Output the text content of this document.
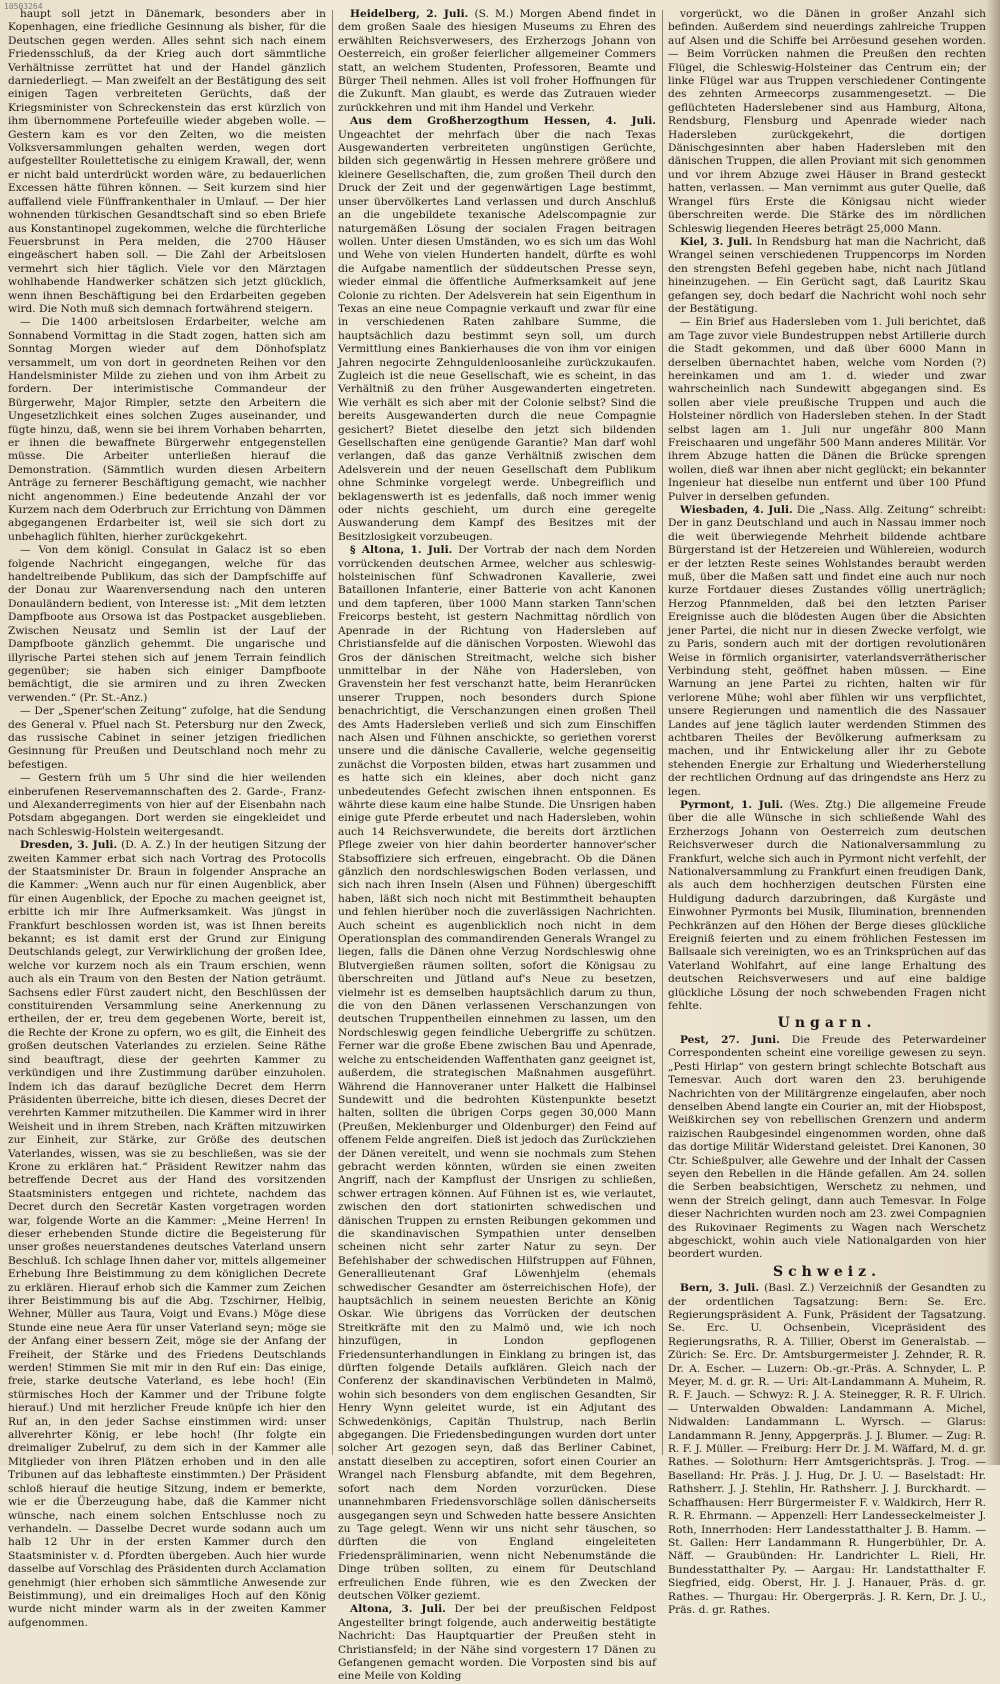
10503264

haupt soll jetzt in Dänemark, besonders aber in Kopenhagen, eine friedliche Gesinnung als bisher, für die Deutschen gegen werden. Alles sehnt sich nach einem Friedensschluß, da der Krieg auch dort sämmtliche Verhältnisse zerrüttet hat und der Handel gänzlich darniederliegt. — Man zweifelt an der Bestätigung des seit einigen Tagen verbreiteten Gerüchts, daß der Kriegsminister von Schreckenstein das erst kürzlich von ihm übernommene Portefeuille wieder abgeben wolle. — Gestern kam es vor den Zelten, wo die meisten Volksversammlungen gehalten werden, wegen dort aufgestellter Roulettetische zu einigem Krawall, der, wenn er nicht bald unterdrückt worden wäre, zu bedauerlichen Excessen hätte führen können. — Seit kurzem sind hier auffallend viele Fünffrankenthaler in Umlauf. — Der hier wohnenden türkischen Gesandtschaft sind so eben Briefe aus Konstantinopel zugekommen, welche die fürchterliche Feuersbrunst in Pera melden, die 2700 Häuser eingeäschert haben soll. — Die Zahl der Arbeitslosen vermehrt sich hier täglich. Viele vor den Märztagen wohlhabende Handwerker schätzen sich jetzt glücklich, wenn ihnen Beschäftigung bei den Erdarbeiten gegeben wird. Die Noth muß sich demnach fortwährend steigern.

— Die 1400 arbeitslosen Erdarbeiter, welche am Sonnabend Vormittag in die Stadt zogen, hatten sich am Sonntag Morgen wieder auf dem Dönhofsplatz versammelt, um von dort in geordneten Reihen vor den Handelsminister Milde zu ziehen und von ihm Arbeit zu fordern. Der interimistische Commandeur der Bürgerwehr, Major Rimpler, setzte den Arbeitern die Ungesetzlichkeit eines solchen Zuges auseinander, und fügte hinzu, daß, wenn sie bei ihrem Vorhaben beharrten, er ihnen die bewaffnete Bürgerwehr entgegenstellen müsse. Die Arbeiter unterließen hierauf die Demonstration. (Sämmtlich wurden diesen Arbeitern Anträge zu fernerer Beschäftigung gemacht, wie nachher nicht angenommen.) Eine bedeutende Anzahl der vor Kurzem nach dem Oderbruch zur Errichtung von Dämmen abgegangenen Erdarbeiter ist, weil sie sich dort zu unbehaglich fühlten, hierher zurückgekehrt.

— Von dem königl. Consulat in Galacz ist so eben folgende Nachricht eingegangen, welche für das handeltreibende Publikum, das sich der Dampfschiffe auf der Donau zur Waarenversendung nach den unteren Donauländern bedient, von Interesse ist: „Mit dem letzten Dampfboote aus Orsowa ist das Postpacket ausgeblieben. Zwischen Neusatz und Semlin ist der Lauf der Dampfboote gänzlich gehemmt. Die ungarische und illyrische Partei stehen sich auf jenem Terrain feindlich gegenüber; sie haben sich einiger Dampfboote bemächtigt, die sie armiren und zu ihren Zwecken verwenden.“ (Pr. St.-Anz.)

— Der „Spener'schen Zeitung“ zufolge, hat die Sendung des General v. Pfuel nach St. Petersburg nur den Zweck, das russische Cabinet in seiner jetzigen friedlichen Gesinnung für Preußen und Deutschland noch mehr zu befestigen.

— Gestern früh um 5 Uhr sind die hier weilenden einberufenen Reservemannschaften des 2. Garde-, Franz- und Alexanderregiments von hier auf der Eisenbahn nach Potsdam abgegangen. Dort werden sie eingekleidet und nach Schleswig-Holstein weitergesandt.

Dresden, 3. Juli. (D. A. Z.) In der heutigen Sitzung der zweiten Kammer erbat sich nach Vortrag des Protocolls der Staatsminister Dr. Braun in folgender Ansprache an die Kammer: „Wenn auch nur für einen Augenblick, aber für einen Augenblick, der Epoche zu machen geeignet ist, erbitte ich mir Ihre Aufmerksamkeit. Was jüngst in Frankfurt beschlossen worden ist, was ist Ihnen bereits bekannt; es ist damit erst der Grund zur Einigung Deutschlands gelegt, zur Verwirklichung der großen Idee, welche vor kurzem noch als ein Traum erschien, wenn auch als ein Traum von den Besten der Nation geträumt. Sachsens edler Fürst zaudert nicht, den Beschlüssen der constituirenden Versammlung seine Anerkennung zu ertheilen, der er, treu dem gegebenen Worte, bereit ist, die Rechte der Krone zu opfern, wo es gilt, die Einheit des großen deutschen Vaterlandes zu erzielen. Seine Räthe sind beauftragt, diese der geehrten Kammer zu verkündigen und ihre Zustimmung darüber einzuholen. Indem ich das darauf bezügliche Decret dem Herrn Präsidenten überreiche, bitte ich diesen, dieses Decret der verehrten Kammer mitzutheilen. Die Kammer wird in ihrer Weisheit und in ihrem Streben, nach Kräften mitzuwirken zur Einheit, zur Stärke, zur Größe des deutschen Vaterlandes, wissen, was sie zu beschließen, was sie der Krone zu erklären hat.“ Präsident Rewitzer nahm das betreffende Decret aus der Hand des vorsitzenden Staatsministers entgegen und richtete, nachdem das Decret durch den Secretär Kasten vorgetragen worden war, folgende Worte an die Kammer: „Meine Herren! In dieser erhebenden Stunde dictire die Begeisterung für unser großes neuerstandenes deutsches Vaterland unsern Beschluß. Ich schlage Ihnen daher vor, mittels allgemeiner Erhebung Ihre Beistimmung zu dem königlichen Decrete zu erklären. Hierauf erhob sich die Kammer zum Zeichen ihrer Beistimmung bis auf die Abg. Tzschirner, Helbig, Wehner, Müller aus Taura, Voigt und Evans.) Möge diese Stunde eine neue Aera für unser Vaterland seyn; möge sie der Anfang einer bessern Zeit, möge sie der Anfang der Freiheit, der Stärke und des Friedens Deutschlands werden! Stimmen Sie mit mir in den Ruf ein: Das einige, freie, starke deutsche Vaterland, es lebe hoch! (Ein stürmisches Hoch der Kammer und der Tribune folgte hierauf.) Und mit herzlicher Freude knüpfe ich hier den Ruf an, in den jeder Sachse einstimmen wird: unser allverehrter König, er lebe hoch! (Ihr folgte ein dreimaliger Zubelruf, zu dem sich in der Kammer alle Mitglieder von ihren Plätzen erhoben und in den alle Tribunen auf das lebhafteste einstimmten.) Der Präsident schloß hierauf die heutige Sitzung, indem er bemerkte, wie er die Überzeugung habe, daß die Kammer nicht wünsche, nach einem solchen Entschlusse noch zu verhandeln. — Dasselbe Decret wurde sodann auch um halb 12 Uhr in der ersten Kammer durch den Staatsminister v. d. Pfordten übergeben. Auch hier wurde dasselbe auf Vorschlag des Präsidenten durch Acclamation genehmigt (hier erhoben sich sämmtliche Anwesende zur Beistimmung), und ein dreimaliges Hoch auf den König wurde nicht minder warm als in der zweiten Kammer aufgenommen.

Heidelberg, 2. Juli. (S. M.) Morgen Abend findet in dem großen Saale des hiesigen Museums zu Ehren des erwählten Reichsverwesers, des Erzherzogs Johann von Oesterreich, ein großer feierlicher allgemeiner Commers statt, an welchem Studenten, Professoren, Beamte und Bürger Theil nehmen. Alles ist voll froher Hoffnungen für die Zukunft. Man glaubt, es werde das Zutrauen wieder zurückkehren und mit ihm Handel und Verkehr.

Aus dem Großherzogthum Hessen, 4. Juli. Ungeachtet der mehrfach über die nach Texas Ausgewanderten verbreiteten ungünstigen Gerüchte, bilden sich gegenwärtig in Hessen mehrere größere und kleinere Gesellschaften, die, zum großen Theil durch den Druck der Zeit und der gegenwärtigen Lage bestimmt, unser übervölkertes Land verlassen und durch Anschluß an die ungebildete texanische Adelscompagnie zur naturgemäßen Lösung der socialen Fragen beitragen wollen. Unter diesen Umständen, wo es sich um das Wohl und Wehe von vielen Hunderten handelt, dürfte es wohl die Aufgabe namentlich der süddeutschen Presse seyn, wieder einmal die öffentliche Aufmerksamkeit auf jene Colonie zu richten. Der Adelsverein hat sein Eigenthum in Texas an eine neue Compagnie verkauft und zwar für eine in verschiedenen Raten zahlbare Summe, die hauptsächlich dazu bestimmt seyn soll, um durch Vermittlung eines Bankierhauses die von ihm vor einigen Jahren negocirte Zehnguldenloosanleihe zurückzukaufen. Zugleich ist die neue Gesellschaft, wie es scheint, in das Verhältniß zu den früher Ausgewanderten eingetreten. Wie verhält es sich aber mit der Colonie selbst? Sind die bereits Ausgewanderten durch die neue Compagnie gesichert? Bietet dieselbe den jetzt sich bildenden Gesellschaften eine genügende Garantie? Man darf wohl verlangen, daß das ganze Verhältniß zwischen dem Adelsverein und der neuen Gesellschaft dem Publikum ohne Schminke vorgelegt werde. Unbegreiflich und beklagenswerth ist es jedenfalls, daß noch immer wenig oder nichts geschieht, um durch eine geregelte Auswanderung dem Kampf des Besitzes mit der Besitzlosigkeit vorzubeugen.

§ Altona, 1. Juli. Der Vortrab der nach dem Norden vorrückenden deutschen Armee, welcher aus schleswig-holsteinischen fünf Schwadronen Kavallerie, zwei Bataillonen Infanterie, einer Batterie von acht Kanonen und dem tapferen, über 1000 Mann starken Tann'schen Freicorps besteht, ist gestern Nachmittag nördlich von Apenrade in der Richtung von Hadersleben auf Christiansfelde auf die dänischen Vorposten. Wiewohl das Gros der dänischen Streitmacht, welche sich bisher unmittelbar in der Nähe von Hadersleben, von Gravenstein her fest verschanzt hatte, beim Heranrücken unserer Truppen, noch besonders durch Spione benachrichtigt, die Verschanzungen einen großen Theil des Amts Hadersleben verließ und sich zum Einschiffen nach Alsen und Fühnen anschickte, so geriethen vorerst unsere und die dänische Cavallerie, welche gegenseitig zunächst die Vorposten bilden, etwas hart zusammen und es hatte sich ein kleines, aber doch nicht ganz unbedeutendes Gefecht zwischen ihnen entsponnen. Es währte diese kaum eine halbe Stunde. Die Unsrigen haben einige gute Pferde erbeutet und nach Hadersleben, wohin auch 14 Reichsverwundete, die bereits dort ärztlichen Pflege zweier von hier dahin beorderter hannover'scher Stabsoffiziere sich erfreuen, eingebracht. Ob die Dänen gänzlich den nordschleswigschen Boden verlassen, und sich nach ihren Inseln (Alsen und Fühnen) übergeschifft haben, läßt sich noch nicht mit Bestimmtheit behaupten und fehlen hierüber noch die zuverlässigen Nachrichten. Auch scheint es augenblicklich noch nicht in dem Operationsplan des commandirenden Generals Wrangel zu liegen, falls die Dänen ohne Verzug Nordschleswig ohne Blutvergießen räumen sollten, sofort die Königsau zu überschreiten und Jütland auf's Neue zu besetzen, vielmehr ist es demselben hauptsächlich darum zu thun, die von den Dänen verlassenen Verschanzungen von deutschen Truppentheilen einnehmen zu lassen, um den Nordschleswig gegen feindliche Uebergriffe zu schützen. Ferner war die große Ebene zwischen Bau und Apenrade, welche zu entscheidenden Waffenthaten ganz geeignet ist, außerdem, die strategischen Maßnahmen ausgeführt. Während die Hannoveraner unter Halkett die Halbinsel Sundewitt und die bedrohten Küstenpunkte besetzt halten, sollten die übrigen Corps gegen 30,000 Mann (Preußen, Meklenburger und Oldenburger) den Feind auf offenem Felde angreifen. Dieß ist jedoch das Zurückziehen der Dänen vereitelt, und wenn sie nochmals zum Stehen gebracht werden könnten, würden sie einen zweiten Angriff, nach der Kampflust der Unsrigen zu schließen, schwer ertragen können. Auf Fühnen ist es, wie verlautet, zwischen den dort stationirten schwedischen und dänischen Truppen zu ernsten Reibungen gekommen und die skandinavischen Sympathien unter denselben scheinen nicht sehr zarter Natur zu seyn. Der Befehlshaber der schwedischen Hilfstruppen auf Fühnen, Generallieutenant Graf Löwenhjelm (ehemals schwedischer Gesandter am österreichischen Hofe), der hauptsächlich in seinem neuesten Berichte an König Oskar. Wie übrigens das Vorrücken der deutschen Streitkräfte mit den zu Malmö und, wie ich noch hinzufügen, in London gepflogenen Friedensunterhandlungen in Einklang zu bringen ist, das dürften folgende Details aufklären. Gleich nach der Conferenz der skandinavischen Verbündeten in Malmö, wohin sich besonders von dem englischen Gesandten, Sir Henry Wynn geleitet wurde, ist ein Adjutant des Schwedenkönigs, Capitän Thulstrup, nach Berlin abgegangen. Die Friedensbedingungen wurden dort unter solcher Art gezogen seyn, daß das Berliner Cabinet, anstatt dieselben zu acceptiren, sofort einen Courier an Wrangel nach Flensburg abfandte, mit dem Begehren, sofort nach dem Norden vorzurücken. Diese unannehmbaren Friedensvorschläge sollen dänischerseits ausgegangen seyn und Schweden hatte bessere Ansichten zu Tage gelegt. Wenn wir uns nicht sehr täuschen, so dürften die von England eingeleiteten Friedenspräliminarien, wenn nicht Nebenumstände die Dinge trüben sollten, zu einem für Deutschland erfreulichen Ende führen, wie es den Zwecken der deutschen Völker geziemt.

Altona, 3. Juli. Der bei der preußischen Feldpost Angestellter bringt folgende, auch anderweitig bestätigte Nachricht: Das Hauptquartier der Preußen steht in Christiansfeld; in der Nähe sind vorgestern 17 Dänen zu Gefangenen gemacht worden. Die Vorposten sind bis auf eine Meile von Kolding

vorgerückt, wo die Dänen in großer Anzahl sich befinden. Außerdem sind neuerdings zahlreiche Truppen auf Alsen und die Schiffe bei Arröesund gesehen worden. — Beim Vorrücken nahmen die Preußen den rechten Flügel, die Schleswig-Holsteiner das Centrum ein; der linke Flügel war aus Truppen verschiedener Contingente des zehnten Armeecorps zusammengesetzt. — Die geflüchteten Haderslebener sind aus Hamburg, Altona, Rendsburg, Flensburg und Apenrade wieder nach Hadersleben zurückgekehrt, die dortigen Dänischgesinnten aber haben Hadersleben mit den dänischen Truppen, die allen Proviant mit sich genommen und vor ihrem Abzuge zwei Häuser in Brand gesteckt hatten, verlassen. — Man vernimmt aus guter Quelle, daß Wrangel fürs Erste die Königsau nicht wieder überschreiten werde. Die Stärke des im nördlichen Schleswig liegenden Heeres beträgt 25,000 Mann.

Kiel, 3. Juli. In Rendsburg hat man die Nachricht, daß Wrangel seinen verschiedenen Truppencorps im Norden den strengsten Befehl gegeben habe, nicht nach Jütland hineinzugehen. — Ein Gerücht sagt, daß Lauritz Skau gefangen sey, doch bedarf die Nachricht wohl noch sehr der Bestätigung.

— Ein Brief aus Hadersleben vom 1. Juli berichtet, daß am Tage zuvor viele Bundestruppen nebst Artillerie durch die Stadt gekommen, und daß über 6000 Mann in derselben übernachtet haben, welche vom Norden (?) hereinkamen und am 1. d. wieder und zwar wahrscheinlich nach Sundewitt abgegangen sind. Es sollen aber viele preußische Truppen und auch die Holsteiner nördlich von Hadersleben stehen. In der Stadt selbst lagen am 1. Juli nur ungefähr 800 Mann Freischaaren und ungefähr 500 Mann anderes Militär. Vor ihrem Abzuge hatten die Dänen die Brücke sprengen wollen, dieß war ihnen aber nicht geglückt; ein bekannter Ingenieur hat dieselbe nun entfernt und über 100 Pfund Pulver in derselben gefunden.

Wiesbaden, 4. Juli. Die „Nass. Allg. Zeitung“ schreibt: Der in ganz Deutschland und auch in Nassau immer noch die weit überwiegende Mehrheit bildende achtbare Bürgerstand ist der Hetzereien und Wühlereien, wodurch er der letzten Reste seines Wohlstandes beraubt werden muß, über die Maßen satt und findet eine auch nur noch kurze Fortdauer dieses Zustandes völlig unerträglich; Herzog Pfannmelden, daß bei den letzten Pariser Ereignisse auch die blödesten Augen über die Absichten jener Partei, die nicht nur in diesen Zwecke verfolgt, wie zu Paris, sondern auch mit der dortigen revolutionären Weise in förmlich organisirter, vaterlandsverrätherischer Verbindung steht, geöffnet haben müssen. — Eine Warnung an jene Partei zu richten, halten wir für verlorene Mühe; wohl aber fühlen wir uns verpflichtet, unsere Regierungen und namentlich die des Nassauer Landes auf jene täglich lauter werdenden Stimmen des achtbaren Theiles der Bevölkerung aufmerksam zu machen, und ihr Entwickelung aller ihr zu Gebote stehenden Energie zur Erhaltung und Wiederherstellung der rechtlichen Ordnung auf das dringendste ans Herz zu legen.

Pyrmont, 1. Juli. (Wes. Ztg.) Die allgemeine Freude über die alle Wünsche in sich schließende Wahl des Erzherzogs Johann von Oesterreich zum deutschen Reichsverweser durch die Nationalversammlung zu Frankfurt, welche sich auch in Pyrmont nicht verfehlt, der Nationalversammlung zu Frankfurt einen freudigen Dank, als auch dem hochherzigen deutschen Fürsten eine Huldigung dadurch darzubringen, daß Kurgäste und Einwohner Pyrmonts bei Musik, Illumination, brennenden Pechkränzen auf den Höhen der Berge dieses glückliche Ereigniß feierten und zu einem fröhlichen Festessen im Ballsaale sich vereinigten, wo es an Trinksprüchen auf das Vaterland Wohlfahrt, auf eine lange Erhaltung des deutschen Reichsverwesers und auf eine baldige glückliche Lösung der noch schwebenden Fragen nicht fehlte.

Ungarn.

Pest, 27. Juni. Die Freude des Peterwardeiner Correspondenten scheint eine voreilige gewesen zu seyn. „Pesti Hirlap“ von gestern bringt schlechte Botschaft aus Temesvar. Auch dort waren den 23. beruhigende Nachrichten von der Militärgrenze eingelaufen, aber noch denselben Abend langte ein Courier an, mit der Hiobspost, Weißkirchen sey von rebellischen Grenzern und anderm raizischen Raubgesindel eingenommen worden, ohne daß das dortige Militär Widerstand geleistet. Drei Kanonen, 30 Ctr. Schießpulver, alle Gewehre und der Inhalt der Cassen seyen den Rebellen in die Hände gefallen. Am 24. sollen die Serben beabsichtigen, Werschetz zu nehmen, und wenn der Streich gelingt, dann auch Temesvar. In Folge dieser Nachrichten wurden noch am 23. zwei Compagnien des Rukovinaer Regiments zu Wagen nach Werschetz abgeschickt, wohin auch viele Nationalgarden von hier beordert wurden.

Schweiz.

Bern, 3. Juli. (Basl. Z.) Verzeichniß der Gesandten zu der ordentlichen Tagsatzung: Bern: Se. Erc. Regierungspräsident A. Funk, Präsident der Tagsatzung. Se. Erc. U. Ochsenbein, Vicepräsident des Regierungsraths, R. A. Tillier, Oberst im Generalstab. — Zürich: Se. Erc. Dr. Amtsburgermeister J. Zehnder, R. R. Dr. A. Escher. — Luzern: Ob.-gr.-Präs. A. Schnyder, L. P. Meyer, M. d. gr. R. — Uri: Alt-Landammann A. Muheim, R. R. F. Jauch. — Schwyz: R. J. A. Steinegger, R. R. F. Ulrich. — Unterwalden Obwalden: Landammann A. Michel, Nidwalden: Landammann L. Wyrsch. — Glarus: Landammann R. Jenny, Appgerpräs. J. J. Blumer. — Zug: R. R. F. J. Müller. — Freiburg: Herr Dr. J. M. Wäffard, M. d. gr. Rathes. — Solothurn: Herr Amtsgerichtspräs. J. Trog. — Baselland: Hr. Präs. J. J. Hug, Dr. J. U. — Baselstadt: Hr. Rathsherr. J. J. Stehlin, Hr. Rathsherr. J. J. Burckhardt. — Schaffhausen: Herr Bürgermeister F. v. Waldkirch, Herr R. R. R. Ehrmann. — Appenzell: Herr Landesseckelmeister J. Roth, Innerrhoden: Herr Landesstatthalter J. B. Hamm. — St. Gallen: Herr Landammann R. Hungerbühler, Dr. A. Näff. — Graubünden: Hr. Landrichter L. Rieli, Hr. Bundesstatthalter Py. — Aargau: Hr. Landstatthalter F. Siegfried, eidg. Oberst, Hr. J. J. Hanauer, Präs. d. gr. Rathes. — Thurgau: Hr. Obergerpräs. J. R. Kern, Dr. J. U., Präs. d. gr. Rathes.
